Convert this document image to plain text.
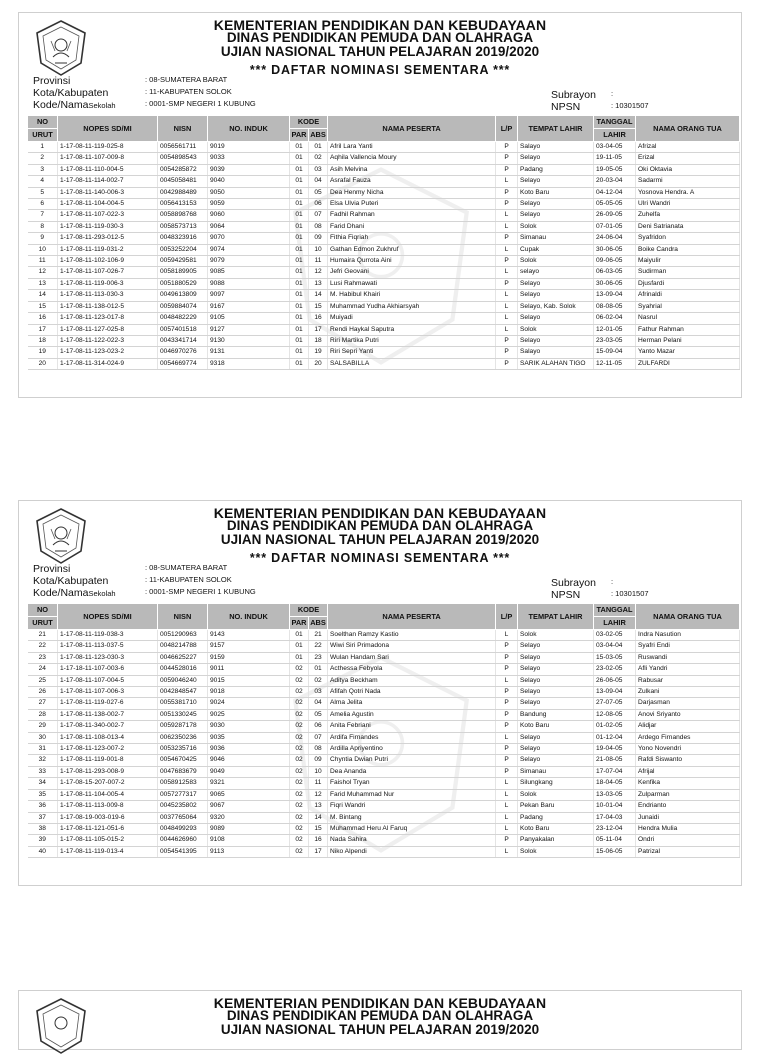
KEMENTERIAN PENDIDIKAN DAN KEBUDAYAAN
DINAS PENDIDIKAN PEMUDA DAN OLAHRAGA
UJIAN NASIONAL TAHUN PELAJARAN 2019/2020
*** DAFTAR NOMINASI SEMENTARA ***
Provinsi	: 08-SUMATERA BARAT
Kota/Kabupaten	: 11-KABUPATEN SOLOK
Kode/NamaSekolah	: 0001-SMP NEGERI 1 KUBUNG
Subrayon :
NPSN	: 10301507
NO	NOPES SD/MI	NISN	NO. INDUK	KODE		NAMA PESERTA	L/P	TEMPAT LAHIR	TANGGAL	NAMA ORANG TUA
URUT				PAR	ABS				LAHIR	
1	1-17-08-11-119-025-8	0056561711	9019	01	01	Afril Lara Yanti	P	Salayo	03-04-05	Afrizal
2	1-17-08-11-107-009-8	0054898543	9033	01	02	Aqhila Vallencia Moury	P	Selayo	19-11-05	Erizal
3	1-17-08-11-110-004-5	0054285872	9039	01	03	Asih Melvina	P	Padang	19-05-05	Oki Oktavia
4	1-17-08-11-114-002-7	0045058481	9040	01	04	Asrafal Fauza	L	Selayo	20-03-04	Sadarmi
5	1-17-08-11-140-006-3	0042988489	9050	01	05	Dea Henmy Nicha	P	Koto Baru	04-12-04	Yosnova Hendra. A
6	1-17-08-11-104-004-5	0056413153	9059	01	06	Elsa Ulvia Puteri	P	Selayo	05-05-05	Ulri Wandri
7	1-17-08-11-107-022-3	0058898768	9060	01	07	Fadhil Rahman	L	Selayo	26-09-05	Zuhelfa
8	1-17-08-11-119-030-3	0058573713	9064	01	08	Farid Dhani	L	Solok	07-01-05	Deni Satrianata
9	1-17-08-11-293-012-5	0048323916	9070	01	09	Fithia Fiqriah	P	Simanau	24-06-04	Syafridon
10	1-17-08-11-119-031-2	0053252204	9074	01	10	Gathan Edmon Zukhruf	L	Cupak	30-06-05	Boike Candra
11	1-17-08-11-102-106-9	0059429581	9079	01	11	Humaira Qurrota Aini	P	Solok	09-06-05	Maiyulir
12	1-17-08-11-107-026-7	0058189905	9085	01	12	Jefri Geovani	L	selayo	06-03-05	Sudirman
13	1-17-08-11-119-006-3	0051880529	9088	01	13	Lusi Rahmawati	P	Selayo	30-06-05	Djusfardi
14	1-17-08-11-113-030-3	0049613809	9097	01	14	M. Habibul Khairi	L	Selayo	13-09-04	Afrinaldi
15	1-17-08-11-138-012-5	0059884074	9167	01	15	Muhammad Yudha Akhiarsyah	L	Selayo, Kab. Solok	08-08-05	Syahrial
16	1-17-08-11-123-017-8	0048482229	9105	01	16	Muiyadi	L	Selayo	06-02-04	Nasrul
17	1-17-08-11-127-025-8	0057401518	9127	01	17	Rendi Haykal Saputra	L	Solok	12-01-05	Fathur Rahman
18	1-17-08-11-122-022-3	0043341714	9130	01	18	Riri Martika Putri	P	Selayo	23-03-05	Herman Pelani
19	1-17-08-11-123-023-2	0046970276	9131	01	19	Riri Sepri Yanti	P	Salayo	15-09-04	Yanto Mazar
20	1-17-08-11-314-024-9	0054669774	9318	01	20	SALSABILLA	P	SARIK ALAHAN TIGO	12-11-05	ZULFARDI
KEMENTERIAN PENDIDIKAN DAN KEBUDAYAAN
DINAS PENDIDIKAN PEMUDA DAN OLAHRAGA
UJIAN NASIONAL TAHUN PELAJARAN 2019/2020
*** DAFTAR NOMINASI SEMENTARA ***
Provinsi	: 08-SUMATERA BARAT
Kota/Kabupaten	: 11-KABUPATEN SOLOK
Kode/NamaSekolah	: 0001-SMP NEGERI 1 KUBUNG
Subrayon :
NPSN	: 10301507
NO	NOPES SD/MI	NISN	NO. INDUK	KODE		NAMA PESERTA	L/P	TEMPAT LAHIR	TANGGAL	NAMA ORANG TUA
URUT				PAR	ABS				LAHIR	
21	1-17-08-11-119-038-3	0051290963	9143	01	21	Soelthan Ramzy Kastio	L	Solok	03-02-05	Indra Nasution
22	1-17-08-11-113-037-5	0048214788	9157	01	22	Wiwi Siri Primadona	P	Selayo	03-04-04	Syafri Endi
23	1-17-08-11-123-030-3	0046625227	9159	01	23	Wulan Handam Sari	P	Selayo	15-03-05	Ruswandi
24	1-17-18-11-107-003-6	0044528016	9011	02	01	Acthessa Febyola	P	Selayo	23-02-05	Afli Yandri
25	1-17-08-11-107-004-5	0059046240	9015	02	02	Aditya Beckham	L	Selayo	26-06-05	Rabusar
26	1-17-08-11-107-006-3	0042848547	9018	02	03	Afifah Qotri Nada	P	Selayo	13-09-04	Zulkani
27	1-17-08-11-119-027-6	0055381710	9024	02	04	Alma Jelita	P	Selayo	27-07-05	Darjasman
28	1-17-08-11-138-002-7	0051330245	9025	02	05	Amelia Agustin	P	Bandung	12-08-05	Anovi Sriyanto
29	1-17-08-11-340-002-7	0059287178	9030	02	06	Anita Febriani	P	Koto Baru	01-02-05	Alidjar
30	1-17-08-11-108-013-4	0062350236	9035	02	07	Ardifa Firnandes	L	Selayo	01-12-04	Ardego Firnandes
31	1-17-08-11-123-007-2	0053235716	9036	02	08	Ardilla Apriyentino	P	Selayo	19-04-05	Yono Novendri
32	1-17-08-11-119-001-8	0054670425	9046	02	09	Chyntia Dwian Putri	P	Selayo	21-08-05	Rafdi Siswanto
33	1-17-08-11-293-008-9	0047683679	9049	02	10	Dea Ananda	P	Simanau	17-07-04	Afrijal
34	1-17-08-15-207-007-2	0058912583	9321	02	11	Faishol Tryan	L	Silungkang	18-04-05	Kenfika
35	1-17-08-11-104-005-4	0057277317	9065	02	12	Farid Muhammad Nur	L	Solok	13-03-05	Zulparman
36	1-17-08-11-113-009-8	0045235802	9067	02	13	Fiqri Wandri	L	Pekan Baru	10-01-04	Endrianto
37	1-17-08-19-003-019-6	0037765064	9320	02	14	M. Bintang	L	Padang	17-04-03	Junaidi
38	1-17-08-11-121-051-6	0048499293	9089	02	15	Muhammad Heru Al Faruq	L	Koto Baru	23-12-04	Hendra Mulia
39	1-17-08-11-105-015-2	0044626960	9108	02	16	Nada Sahira	P	Panyakalan	05-11-04	Ondri
40	1-17-08-11-119-013-4	0054541395	9113	02	17	Niko Alpendi	L	Solok	15-06-05	Patrizal
KEMENTERIAN PENDIDIKAN DAN KEBUDAYAAN
DINAS PENDIDIKAN PEMUDA DAN OLAHRAGA
UJIAN NASIONAL TAHUN PELAJARAN 2019/2020
